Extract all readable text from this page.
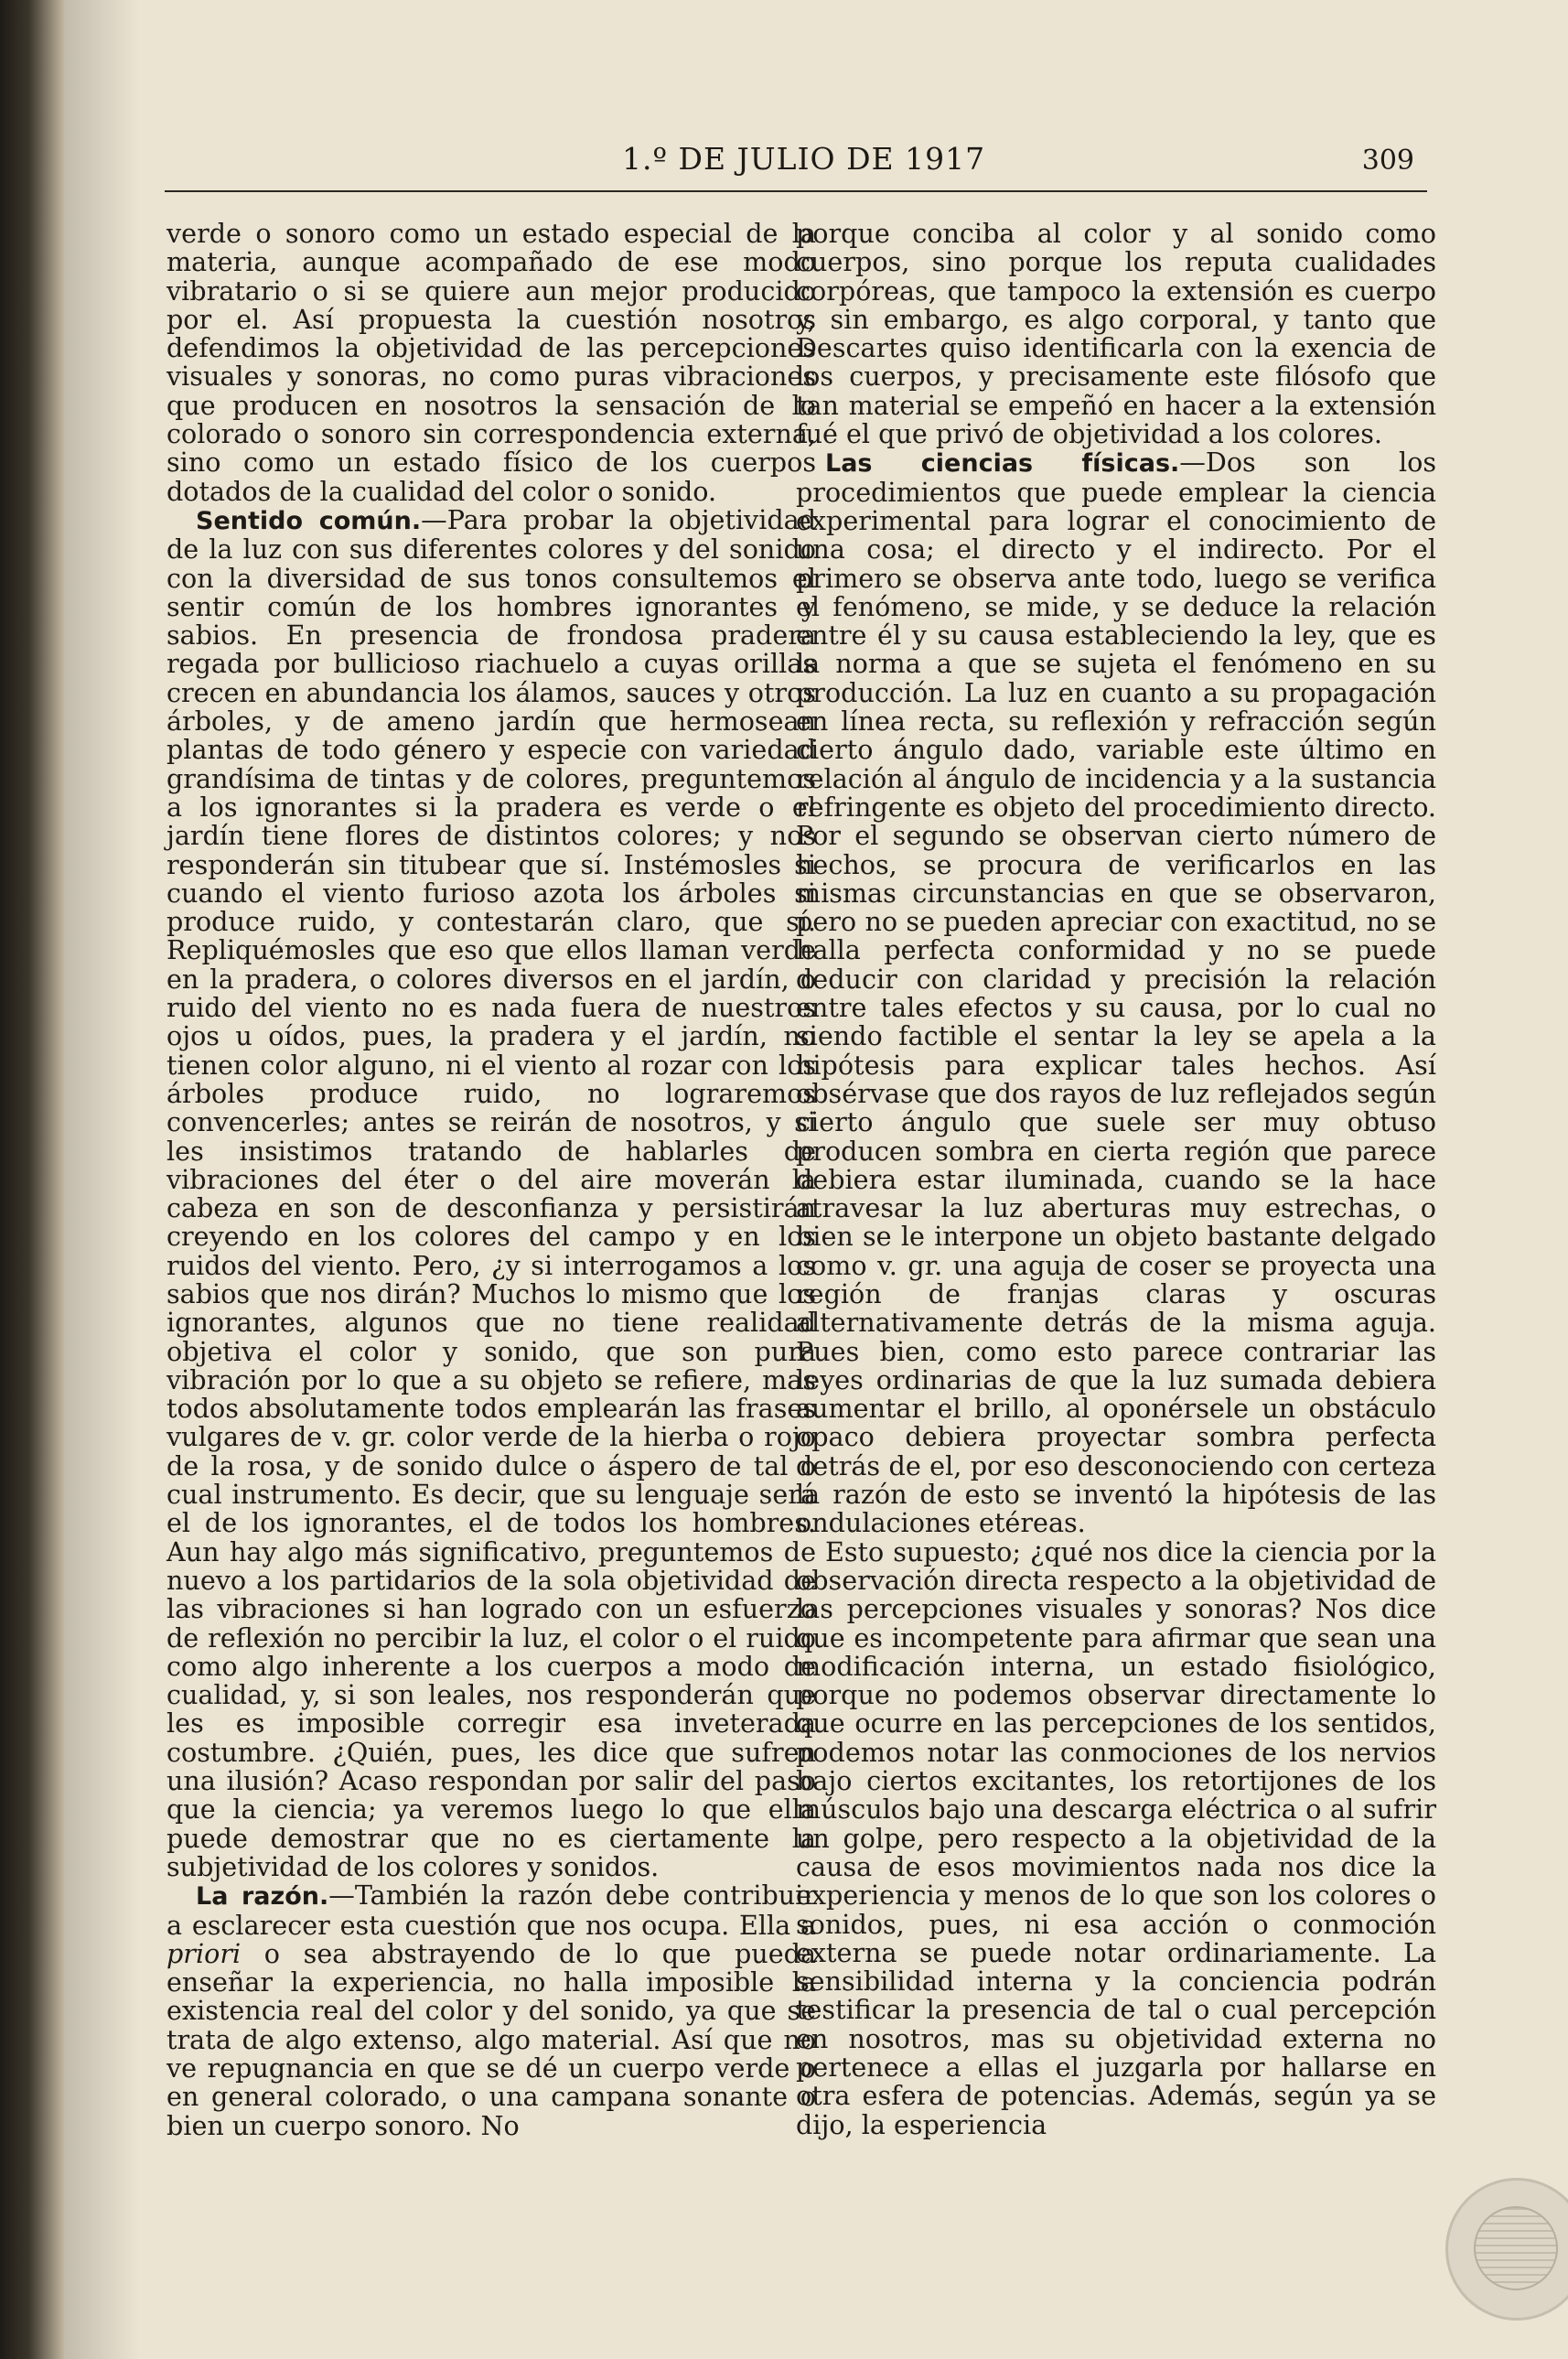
1.º DE JULIO DE 1917	309

verde o sonoro como un estado especial de la materia, aunque acompañado de ese modo vibratario o si se quiere aun mejor producido por el. Así propuesta la cuestión nosotros defendimos la objetividad de las percepciones visuales y sonoras, no como puras vibraciones que producen en nosotros la sensación de lo colorado o sonoro sin correspondencia externa, sino como un estado físico de los cuerpos dotados de la cualidad del color o sonido.

Sentido común.—Para probar la objetividad de la luz con sus diferentes colores y del sonido con la diversidad de sus tonos consultemos el sentir común de los hombres ignorantes y sabios. En presencia de frondosa pradera regada por bullicioso riachuelo a cuyas orillas crecen en abundancia los álamos, sauces y otros árboles, y de ameno jardín que hermosean plantas de todo género y especie con variedad grandísima de tintas y de colores, preguntemos a los ignorantes si la pradera es verde o el jardín tiene flores de distintos colores; y nos responderán sin titubear que sí. Instémosles si cuando el viento furioso azota los árboles si produce ruido, y contestarán claro, que sí. Repliquémosles que eso que ellos llaman verde en la pradera, o colores diversos en el jardín, o ruido del viento no es nada fuera de nuestros ojos u oídos, pues, la pradera y el jardín, no tienen color alguno, ni el viento al rozar con los árboles produce ruido, no lograremos convencerles; antes se reirán de nosotros, y si les insistimos tratando de hablarles de vibraciones del éter o del aire moverán la cabeza en son de desconfianza y persistirán creyendo en los colores del campo y en los ruidos del viento. Pero, ¿y si interrogamos a los sabios que nos dirán? Muchos lo mismo que los ignorantes, algunos que no tiene realidad objetiva el color y sonido, que son pura vibración por lo que a su objeto se refiere, mas todos absolutamente todos emplearán las frases vulgares de v. gr. color verde de la hierba o rojo de la rosa, y de sonido dulce o áspero de tal o cual instrumento. Es decir, que su lenguaje será el de los ignorantes, el de todos los hombres. Aun hay algo más significativo, preguntemos de nuevo a los partidarios de la sola objetividad de las vibraciones si han logrado con un esfuerzo de reflexión no percibir la luz, el color o el ruido como algo inherente a los cuerpos a modo de cualidad, y, si son leales, nos responderán que les es imposible corregir esa inveterada costumbre. ¿Quién, pues, les dice que sufren una ilusión? Acaso respondan por salir del paso que la ciencia; ya veremos luego lo que ella puede demostrar que no es ciertamente la subjetividad de los colores y sonidos.

La razón.—También la razón debe contribuir a esclarecer esta cuestión que nos ocupa. Ella a priori o sea abstrayendo de lo que pueda enseñar la experiencia, no halla imposible la existencia real del color y del sonido, ya que se trata de algo extenso, algo material. Así que no ve repugnancia en que se dé un cuerpo verde o en general colorado, o una campana sonante o bien un cuerpo sonoro. No

porque conciba al color y al sonido como cuerpos, sino porque los reputa cualidades corpóreas, que tampoco la extensión es cuerpo y, sin embargo, es algo corporal, y tanto que Descartes quiso identificarla con la exencia de los cuerpos, y precisamente este filósofo que tan material se empeñó en hacer a la extensión fué el que privó de objetividad a los colores.

Las ciencias físicas.—Dos son los procedimientos que puede emplear la ciencia experimental para lograr el conocimiento de una cosa; el directo y el indirecto. Por el primero se observa ante todo, luego se verifica el fenómeno, se mide, y se deduce la relación entre él y su causa estableciendo la ley, que es la norma a que se sujeta el fenómeno en su producción. La luz en cuanto a su propagación en línea recta, su reflexión y refracción según cierto ángulo dado, variable este último en relación al ángulo de incidencia y a la sustancia refringente es objeto del procedimiento directo. Por el segundo se observan cierto número de hechos, se procura de verificarlos en las mismas circunstancias en que se observaron, pero no se pueden apreciar con exactitud, no se halla perfecta conformidad y no se puede deducir con claridad y precisión la relación entre tales efectos y su causa, por lo cual no siendo factible el sentar la ley se apela a la hipótesis para explicar tales hechos. Así obsérvase que dos rayos de luz reflejados según cierto ángulo que suele ser muy obtuso producen sombra en cierta región que parece debiera estar iluminada, cuando se la hace atravesar la luz aberturas muy estrechas, o bien se le interpone un objeto bastante delgado como v. gr. una aguja de coser se proyecta una región de franjas claras y oscuras alternativamente detrás de la misma aguja. Pues bien, como esto parece contrariar las leyes ordinarias de que la luz sumada debiera aumentar el brillo, al oponérsele un obstáculo opaco debiera proyectar sombra perfecta detrás de el, por eso desconociendo con certeza la razón de esto se inventó la hipótesis de las ondulaciones etéreas.

Esto supuesto; ¿qué nos dice la ciencia por la observación directa respecto a la objetividad de las percepciones visuales y sonoras? Nos dice que es incompetente para afirmar que sean una modificación interna, un estado fisiológico, porque no podemos observar directamente lo que ocurre en las percepciones de los sentidos, podemos notar las conmociones de los nervios bajo ciertos excitantes, los retortijones de los músculos bajo una descarga eléctrica o al sufrir un golpe, pero respecto a la objetividad de la causa de esos movimientos nada nos dice la experiencia y menos de lo que son los colores o sonidos, pues, ni esa acción o conmoción externa se puede notar ordinariamente. La sensibilidad interna y la conciencia podrán testificar la presencia de tal o cual percepción en nosotros, mas su objetividad externa no pertenece a ellas el juzgarla por hallarse en otra esfera de potencias. Además, según ya se dijo, la esperiencia
